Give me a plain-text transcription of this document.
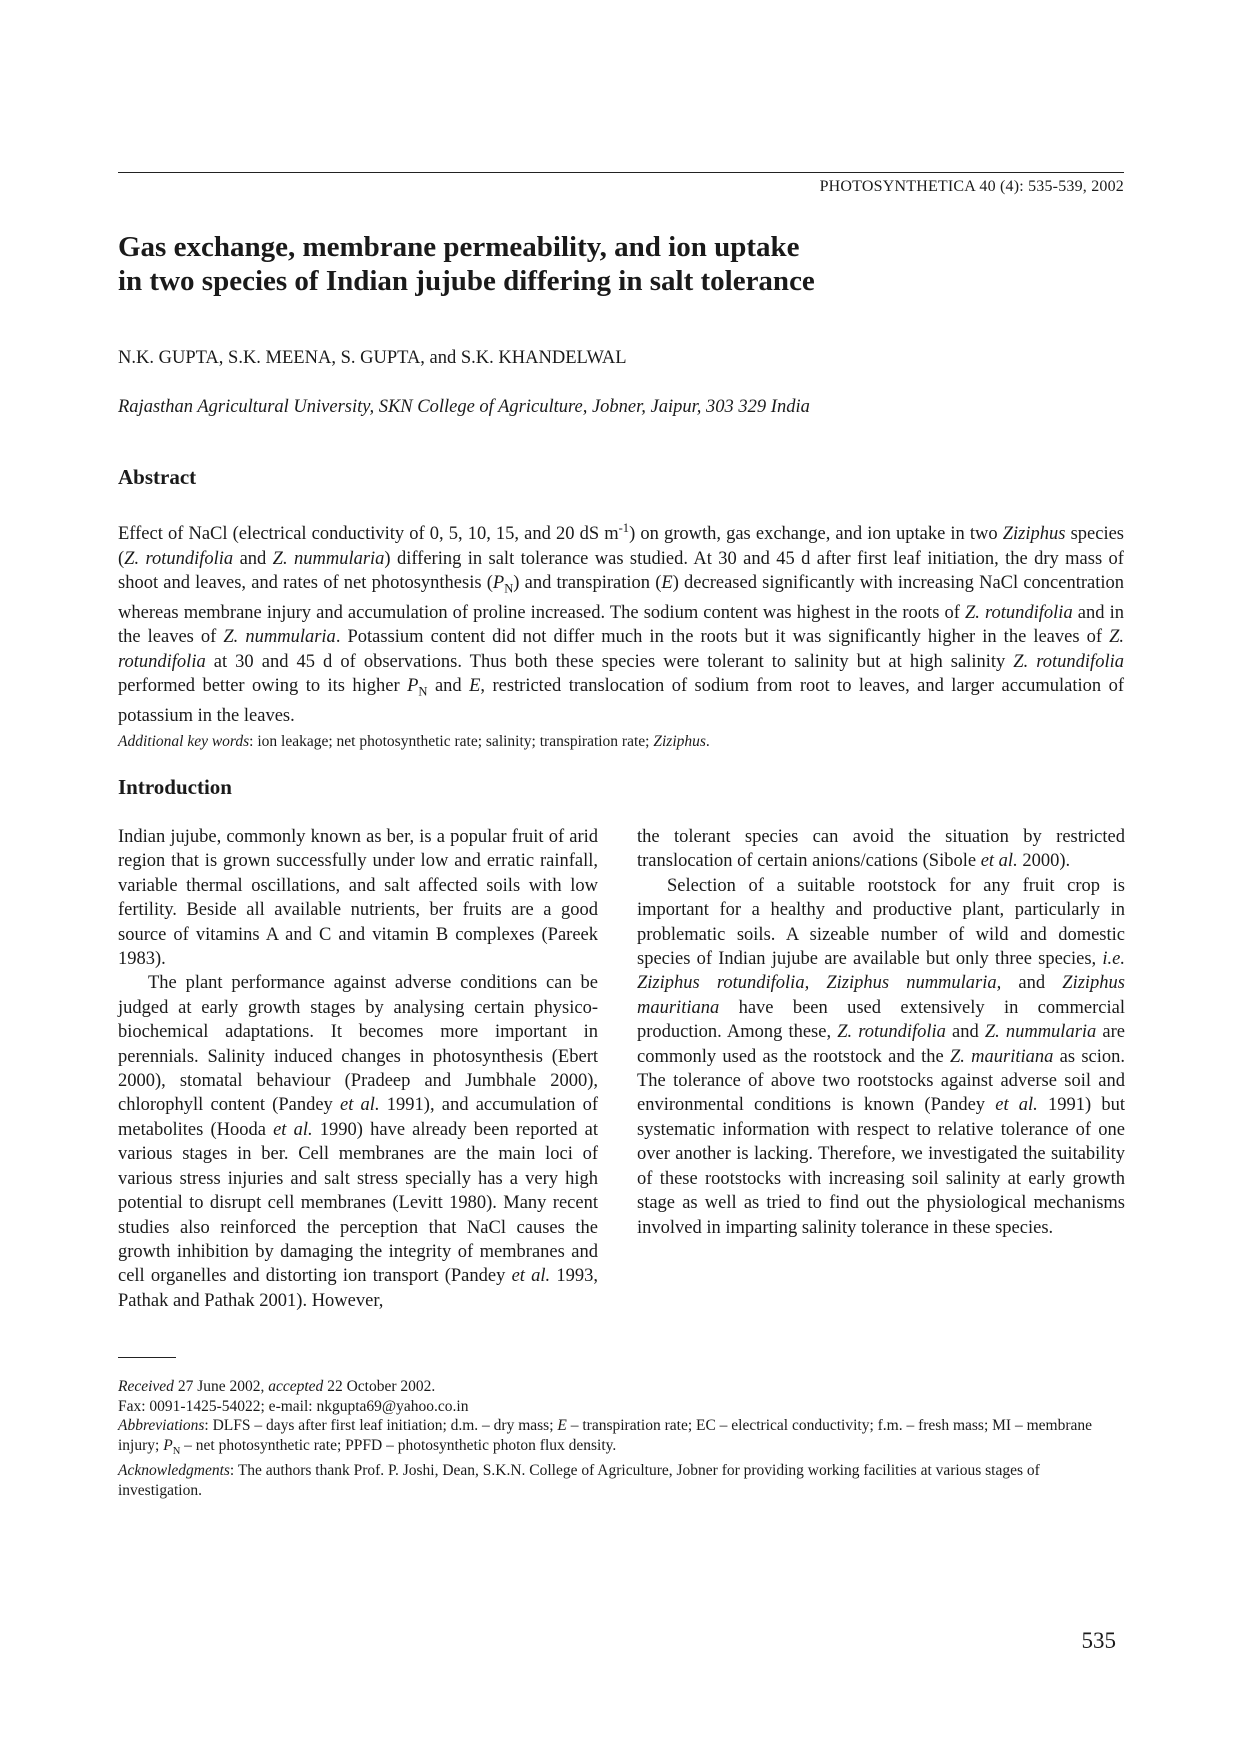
PHOTOSYNTHETICA 40 (4): 535-539, 2002
Gas exchange, membrane permeability, and ion uptake
in two species of Indian jujube differing in salt tolerance
N.K. GUPTA, S.K. MEENA, S. GUPTA, and S.K. KHANDELWAL
Rajasthan Agricultural University, SKN College of Agriculture, Jobner, Jaipur, 303 329 India
Abstract
Effect of NaCl (electrical conductivity of 0, 5, 10, 15, and 20 dS $m^{-1}$) on growth, gas exchange, and ion uptake in two Ziziphus species (Z. rotundifolia and Z. nummularia) differing in salt tolerance was studied. At 30 and 45 d after first leaf initiation, the dry mass of shoot and leaves, and rates of net photosynthesis $(P_N)$ and transpiration (E) decreased significantly with increasing NaCl concentration whereas membrane injury and accumulation of proline increased. The sodium content was highest in the roots of Z. rotundifolia and in the leaves of Z. nummularia. Potassium content did not differ much in the roots but it was significantly higher in the leaves of Z. rotundifolia at 30 and 45 d of observations. Thus both these species were tolerant to salinity but at high salinity Z. rotundifolia performed better owing to its higher $P_N$ and E, restricted translocation of sodium from root to leaves, and larger accumulation of potassium in the leaves.
Additional key words: ion leakage; net photosynthetic rate; salinity; transpiration rate; Ziziphus.
Introduction

Indian jujube, commonly known as ber, is a popular fruit of arid region that is grown successfully under low and erratic rainfall, variable thermal oscillations, and salt affected soils with low fertility. Beside all available nutrients, ber fruits are a good source of vitamins A and C and vitamin B complexes (Pareek 1983).

The plant performance against adverse conditions can be judged at early growth stages by analysing certain physico-biochemical adaptations. It becomes more important in perennials. Salinity induced changes in photosynthesis (Ebert 2000), stomatal behaviour (Pradeep and Jumbhale 2000), chlorophyll content (Pandey et al. 1991), and accumulation of metabolites (Hooda et al. 1990) have already been reported at various stages in ber. Cell membranes are the main loci of various stress injuries and salt stress specially has a very high potential to disrupt cell membranes (Levitt 1980). Many recent studies also reinforced the perception that NaCl causes the growth inhibition by damaging the integrity of membranes and cell organelles and distorting ion transport (Pandey et al. 1993, Pathak and Pathak 2001). However,

the tolerant species can avoid the situation by restricted translocation of certain anions/cations (Sibole et al. 2000).

Selection of a suitable rootstock for any fruit crop is important for a healthy and productive plant, particularly in problematic soils. A sizeable number of wild and domestic species of Indian jujube are available but only three species, i.e. Ziziphus rotundifolia, Ziziphus nummularia, and Ziziphus mauritiana have been used extensively in commercial production. Among these, Z. rotundifolia and Z. nummularia are commonly used as the rootstock and the Z. mauritiana as scion. The tolerance of above two rootstocks against adverse soil and environmental conditions is known (Pandey et al. 1991) but systematic information with respect to relative tolerance of one over another is lacking. Therefore, we investigated the suitability of these rootstocks with increasing soil salinity at early growth stage as well as tried to find out the physiological mechanisms involved in imparting salinity tolerance in these species.

Received 27 June 2002, accepted 22 October 2002.
Fax: 0091-1425-54022; e-mail: nkgupta69@yahoo.co.in
Abbreviations: DLFS – days after first leaf initiation; d.m. – dry mass; E – transpiration rate; EC – electrical conductivity; f.m. – fresh mass; MI – membrane injury; $P_N$ – net photosynthetic rate; PPFD – photosynthetic photon flux density.
Acknowledgments: The authors thank Prof. P. Joshi, Dean, S.K.N. College of Agriculture, Jobner for providing working facilities at various stages of investigation.
535
